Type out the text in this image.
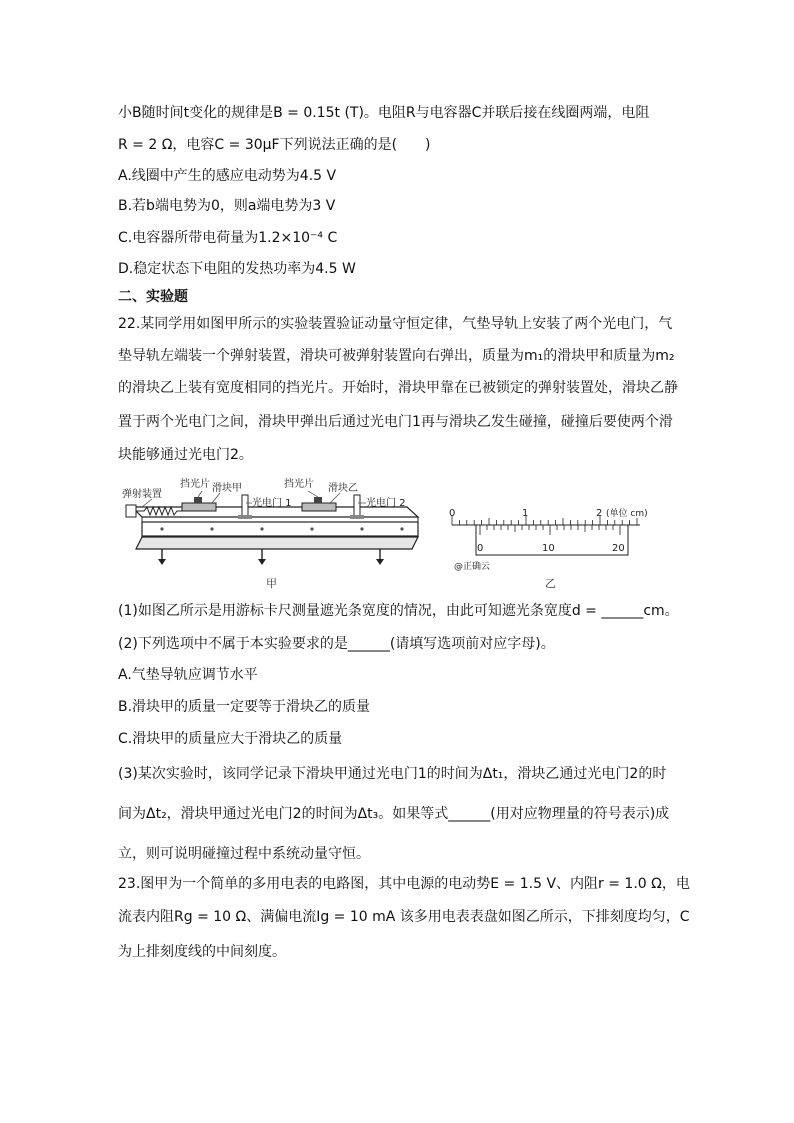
小B随时间t变化的规律是B = 0.15t (T)。电阻R与电容器C并联后接在线圈两端，电阻
R = 2 Ω，电容C = 30μF下列说法正确的是(　　)
A.线圈中产生的感应电动势为4.5 V
B.若b端电势为0，则a端电势为3 V
C.电容器所带电荷量为1.2×10⁻⁴ C
D.稳定状态下电阻的发热功率为4.5 W
二、实验题
22.某同学用如图甲所示的实验装置验证动量守恒定律，气垫导轨上安装了两个光电门，气
垫导轨左端装一个弹射装置，滑块可被弹射装置向右弹出，质量为m₁的滑块甲和质量为m₂
的滑块乙上装有宽度相同的挡光片。开始时，滑块甲靠在已被锁定的弹射装置处，滑块乙静
置于两个光电门之间，滑块甲弹出后通过光电门1再与滑块乙发生碰撞，碰撞后要使两个滑
块能够通过光电门2。
弹射装置
挡光片 滑块甲
光电门 1
挡光片 滑块乙
光电门 2
甲
0	1	2 (单位 cm)
0	10	20
@正确云
乙
(1)如图乙所示是用游标卡尺测量遮光条宽度的情况，由此可知遮光条宽度d = ______cm。
(2)下列选项中不属于本实验要求的是______(请填写选项前对应字母)。
A.气垫导轨应调节水平
B.滑块甲的质量一定要等于滑块乙的质量
C.滑块甲的质量应大于滑块乙的质量
(3)某次实验时，该同学记录下滑块甲通过光电门1的时间为Δt₁，滑块乙通过光电门2的时
间为Δt₂，滑块甲通过光电门2的时间为Δt₃。如果等式______(用对应物理量的符号表示)成
立，则可说明碰撞过程中系统动量守恒。
23.图甲为一个简单的多用电表的电路图，其中电源的电动势E = 1.5 V、内阻r = 1.0 Ω，电
流表内阻Rg = 10 Ω、满偏电流Ig = 10 mA 该多用电表表盘如图乙所示，下排刻度均匀，C
为上排刻度线的中间刻度。
